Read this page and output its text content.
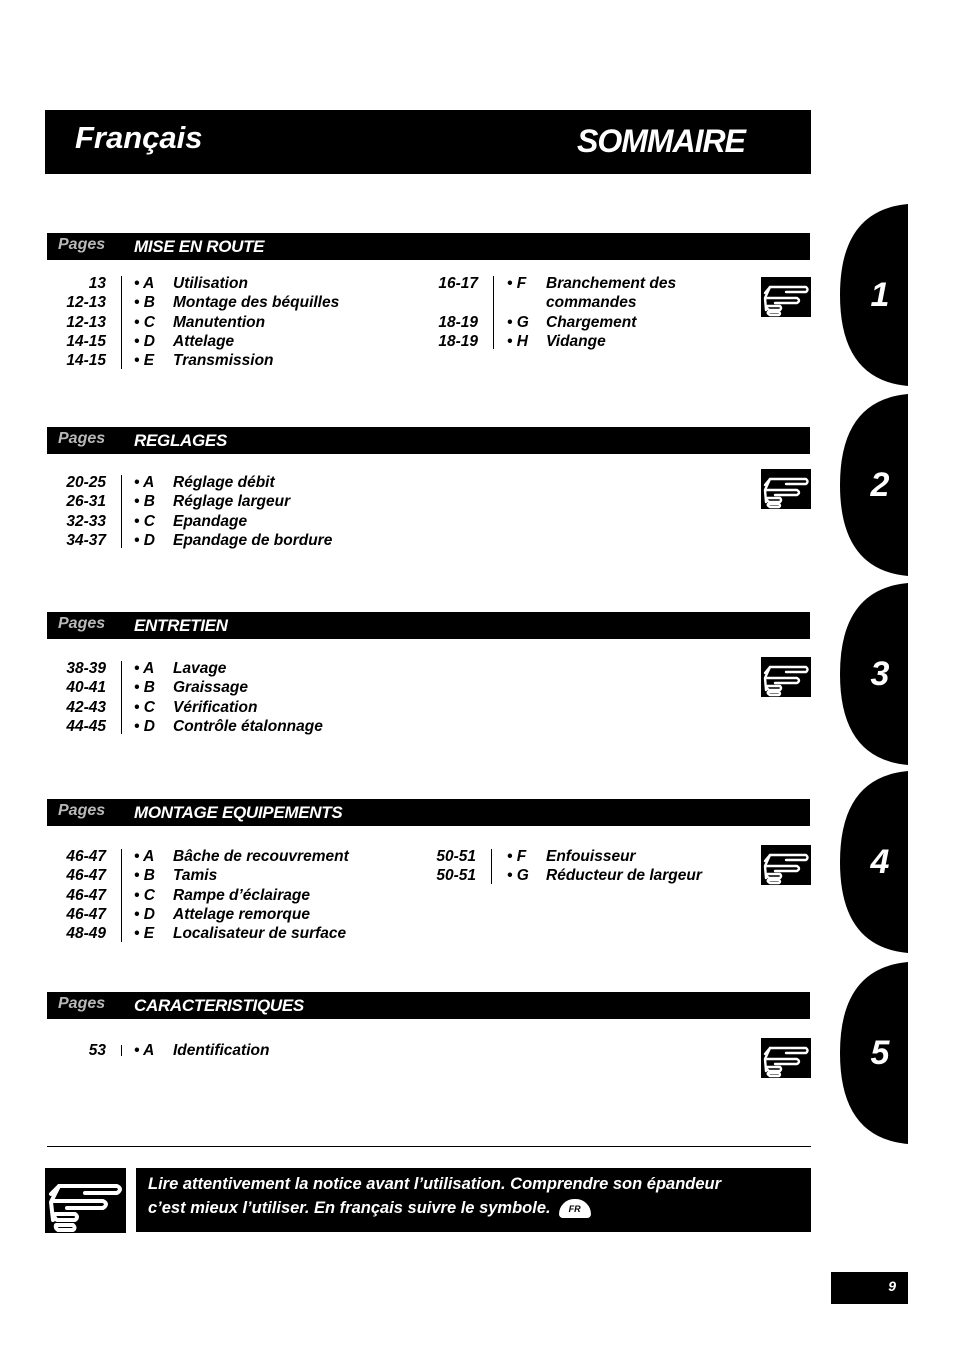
Français	SOMMAIRE
Pages MISE EN ROUTE
13 • A Utilisation
12-13 • B Montage des béquilles
12-13 • C Manutention
14-15 • D Attelage
14-15 • E Transmission
16-17 • F Branchement des
commandes
18-19 • G Chargement
18-19 • H Vidange
Pages REGLAGES
20-25 • A Réglage débit
26-31 • B Réglage largeur
32-33 • C Epandage
34-37 • D Epandage de bordure
Pages ENTRETIEN
38-39 • A Lavage
40-41 • B Graissage
42-43 • C Vérification
44-45 • D Contrôle étalonnage
Pages MONTAGE EQUIPEMENTS
46-47 • A Bâche de recouvrement
46-47 • B Tamis
46-47 • C Rampe d’éclairage
46-47 • D Attelage remorque
48-49 • E Localisateur de surface
50-51 • F Enfouisseur
50-51 • G Réducteur de largeur
Pages CARACTERISTIQUES
53 • A Identification
1
2
3
4
5
Lire attentivement la notice avant l’utilisation. Comprendre son épandeur
c’est mieux l’utiliser. En français suivre le symbole. FR
9
